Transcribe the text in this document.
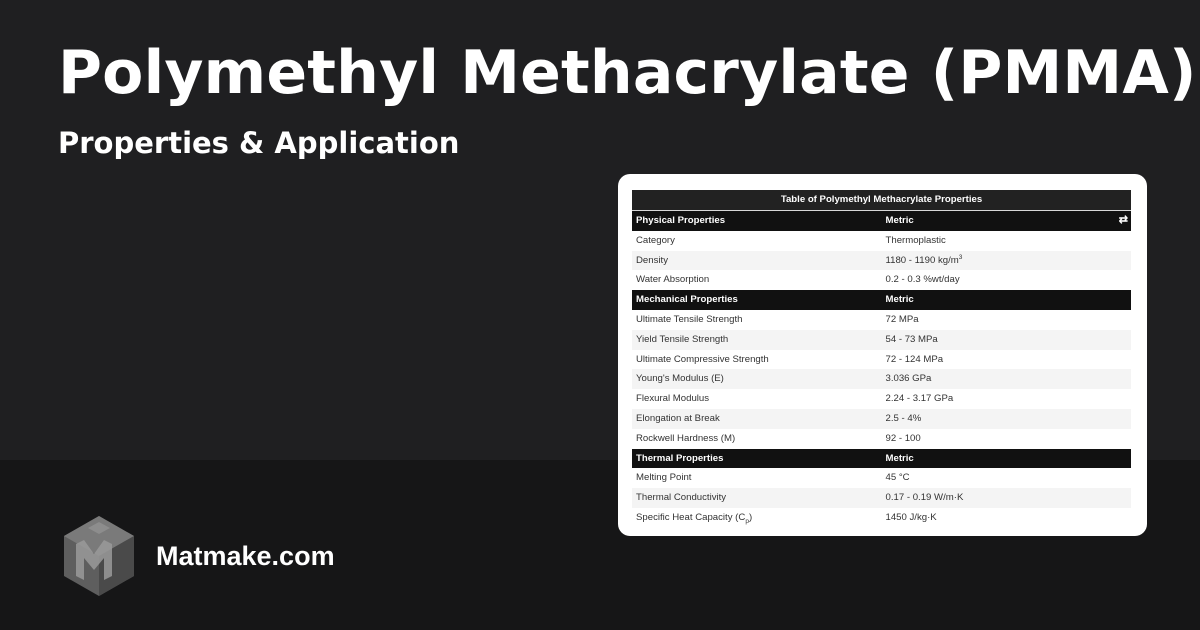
Polymethyl Methacrylate (PMMA)
Properties & Application
Table of Polymethyl Methacrylate Properties	
Physical Properties	Metric ⇄

Category	Thermoplastic
Density	1180 - 1190 $kg/m^3$
Water Absorption	0.2 - 0.3 %wt/day
Mechanical Properties	Metric
Ultimate Tensile Strength	72 MPa
Yield Tensile Strength	54 - 73 MPa
Ultimate Compressive Strength	72 - 124 MPa
Young's Modulus (E)	3.036 GPa
Flexural Modulus	2.24 - 3.17 GPa
Elongation at Break	2.5 - 4%
Rockwell Hardness (M)	92 - 100
Thermal Properties	Metric
Melting Point	45 °C
Thermal Conductivity	0.17 - 0.19 W/m·K
Specific Heat Capacity $(C_p)$	1450 J/kg·K
Matmake.com
